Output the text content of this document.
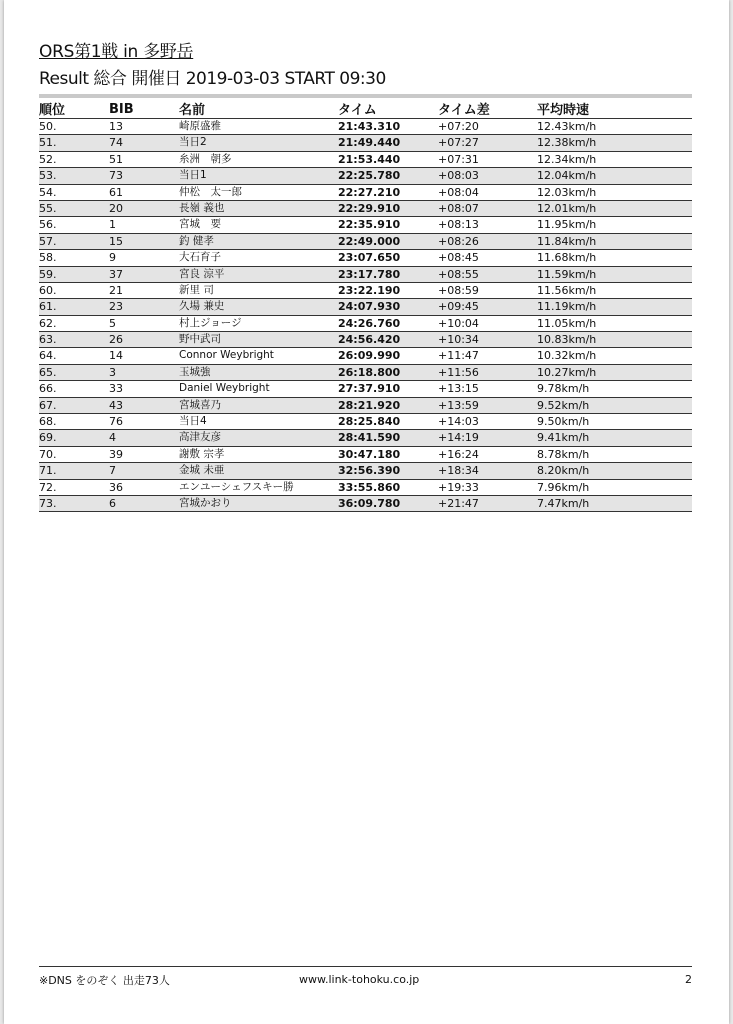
ORS第1戦 in 多野岳
Result 総合 開催日 2019-03-03 START 09:30
順位	BIB	名前	タイム	タイム差	平均時速
50.	13	崎原盛雅	21:43.310	+07:20	12.43km/h
51.	74	当日2	21:49.440	+07:27	12.38km/h
52.	51	糸洲　朝多	21:53.440	+07:31	12.34km/h
53.	73	当日1	22:25.780	+08:03	12.04km/h
54.	61	仲松　太一郎	22:27.210	+08:04	12.03km/h
55.	20	長嶺 義也	22:29.910	+08:07	12.01km/h
56.	1	宮城　要	22:35.910	+08:13	11.95km/h
57.	15	釣 健孝	22:49.000	+08:26	11.84km/h
58.	9	大石育子	23:07.650	+08:45	11.68km/h
59.	37	宮良 涼平	23:17.780	+08:55	11.59km/h
60.	21	新里 司	23:22.190	+08:59	11.56km/h
61.	23	久場 兼史	24:07.930	+09:45	11.19km/h
62.	5	村上ジョージ	24:26.760	+10:04	11.05km/h
63.	26	野中武司	24:56.420	+10:34	10.83km/h
64.	14	Connor Weybright	26:09.990	+11:47	10.32km/h
65.	3	玉城強	26:18.800	+11:56	10.27km/h
66.	33	Daniel Weybright	27:37.910	+13:15	9.78km/h
67.	43	宮城喜乃	28:21.920	+13:59	9.52km/h
68.	76	当日4	28:25.840	+14:03	9.50km/h
69.	4	高津友彦	28:41.590	+14:19	9.41km/h
70.	39	謝敷 宗孝	30:47.180	+16:24	8.78km/h
71.	7	金城 未亜	32:56.390	+18:34	8.20km/h
72.	36	エンユーシェフスキー勝	33:55.860	+19:33	7.96km/h
73.	6	宮城かおり	36:09.780	+21:47	7.47km/h
※DNS をのぞく 出走73人	www.link-tohoku.co.jp	2
